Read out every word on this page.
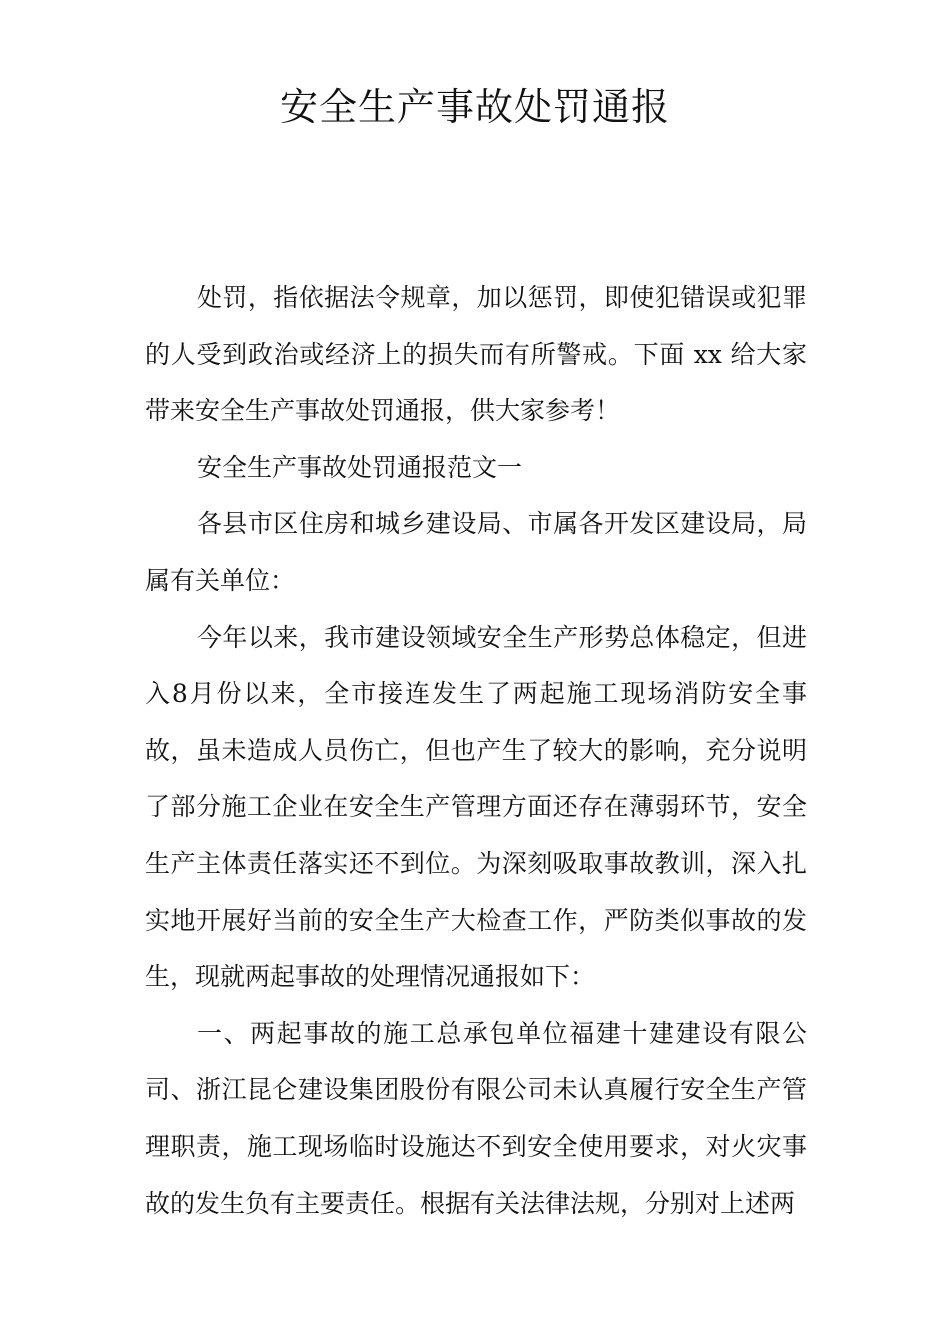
安全生产事故处罚通报

处罚，指依据法令规章，加以惩罚，即使犯错误或犯罪的人受到政治或经济上的损失而有所警戒。下面 xx 给大家带来安全生产事故处罚通报，供大家参考！

安全生产事故处罚通报范文一

各县市区住房和城乡建设局、市属各开发区建设局，局属有关单位：

今年以来，我市建设领域安全生产形势总体稳定，但进入8月份以来，全市接连发生了两起施工现场消防安全事故，虽未造成人员伤亡，但也产生了较大的影响，充分说明了部分施工企业在安全生产管理方面还存在薄弱环节，安全生产主体责任落实还不到位。为深刻吸取事故教训，深入扎实地开展好当前的安全生产大检查工作，严防类似事故的发生，现就两起事故的处理情况通报如下：

一、两起事故的施工总承包单位福建十建建设有限公司、浙江昆仑建设集团股份有限公司未认真履行安全生产管理职责，施工现场临时设施达不到安全使用要求，对火灾事故的发生负有主要责任。根据有关法律法规，分别对上述两
